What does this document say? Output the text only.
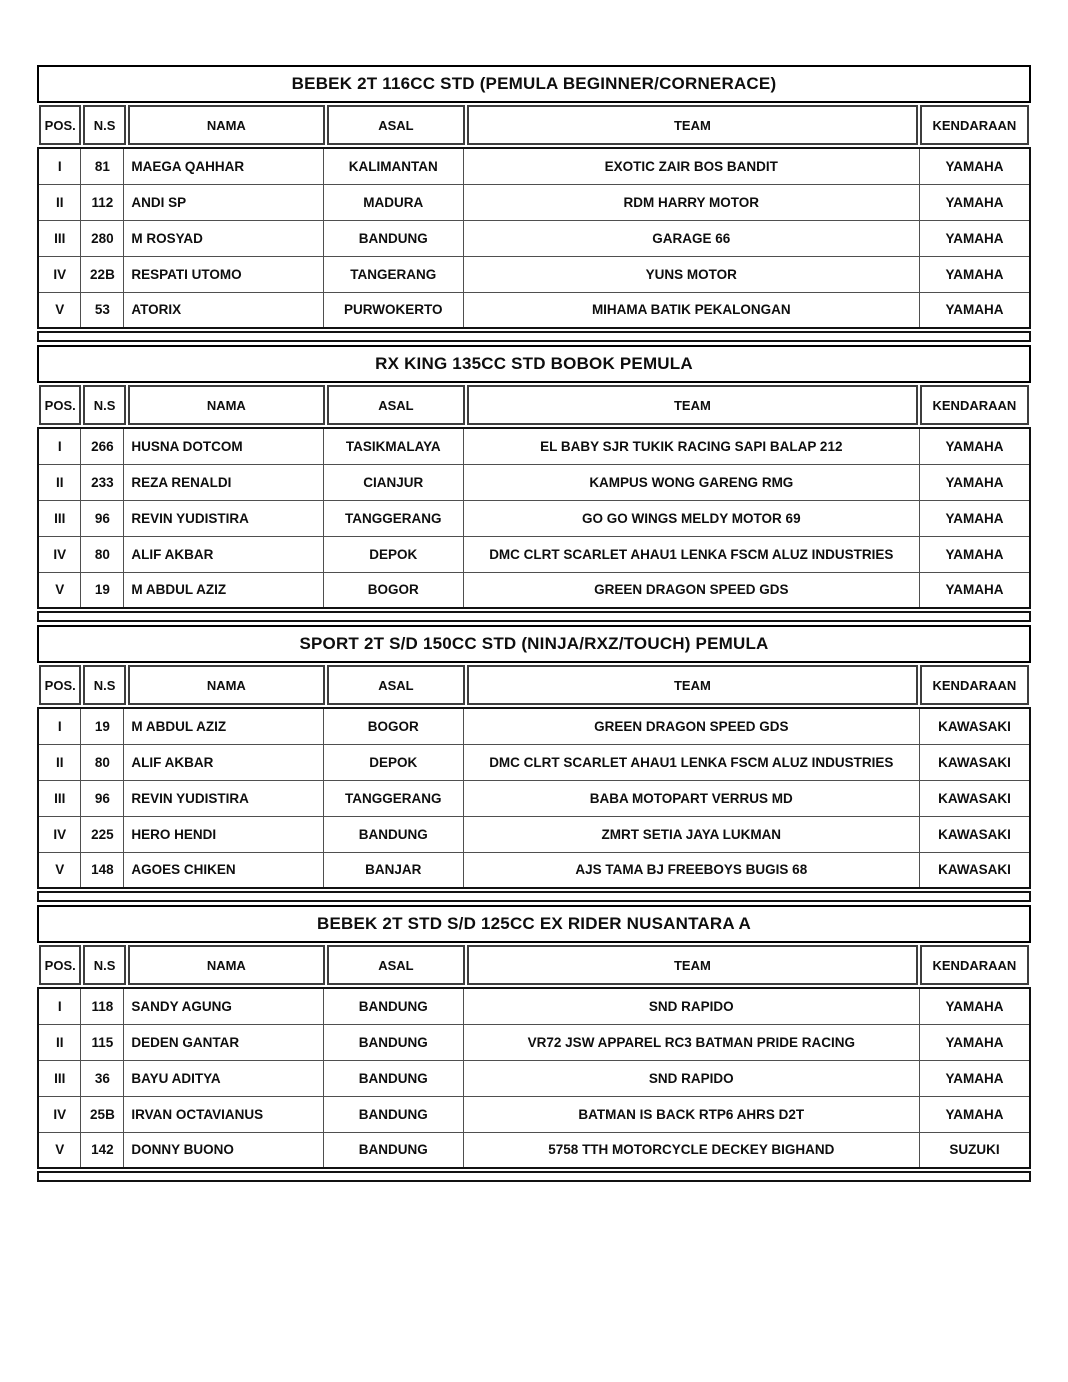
BEBEK 2T 116CC STD (PEMULA BEGINNER/CORNERACE)
POS.	N.S	NAMA	ASAL	TEAM	KENDARAAN
I	81	MAEGA QAHHAR	KALIMANTAN	EXOTIC ZAIR BOS BANDIT	YAMAHA
II	112	ANDI SP	MADURA	RDM HARRY MOTOR	YAMAHA
III	280	M ROSYAD	BANDUNG	GARAGE 66	YAMAHA
IV	22B	RESPATI UTOMO	TANGERANG	YUNS MOTOR	YAMAHA
V	53	ATORIX	PURWOKERTO	MIHAMA BATIK PEKALONGAN	YAMAHA
RX KING 135CC STD BOBOK PEMULA
POS.	N.S	NAMA	ASAL	TEAM	KENDARAAN
I	266	HUSNA DOTCOM	TASIKMALAYA	EL BABY SJR TUKIK RACING SAPI BALAP 212	YAMAHA
II	233	REZA RENALDI	CIANJUR	KAMPUS WONG GARENG RMG	YAMAHA
III	96	REVIN YUDISTIRA	TANGGERANG	GO GO WINGS MELDY MOTOR 69	YAMAHA
IV	80	ALIF AKBAR	DEPOK	DMC CLRT SCARLET AHAU1 LENKA FSCM ALUZ INDUSTRIES	YAMAHA
V	19	M ABDUL AZIZ	BOGOR	GREEN DRAGON SPEED GDS	YAMAHA
SPORT 2T S/D 150CC STD (NINJA/RXZ/TOUCH) PEMULA
POS.	N.S	NAMA	ASAL	TEAM	KENDARAAN
I	19	M ABDUL AZIZ	BOGOR	GREEN DRAGON SPEED GDS	KAWASAKI
II	80	ALIF AKBAR	DEPOK	DMC CLRT SCARLET AHAU1 LENKA FSCM ALUZ INDUSTRIES	KAWASAKI
III	96	REVIN YUDISTIRA	TANGGERANG	BABA MOTOPART VERRUS MD	KAWASAKI
IV	225	HERO HENDI	BANDUNG	ZMRT SETIA JAYA LUKMAN	KAWASAKI
V	148	AGOES CHIKEN	BANJAR	AJS TAMA BJ FREEBOYS BUGIS 68	KAWASAKI
BEBEK 2T STD S/D 125CC EX RIDER NUSANTARA A
POS.	N.S	NAMA	ASAL	TEAM	KENDARAAN
I	118	SANDY AGUNG	BANDUNG	SND RAPIDO	YAMAHA
II	115	DEDEN GANTAR	BANDUNG	VR72 JSW APPAREL RC3 BATMAN PRIDE RACING	YAMAHA
III	36	BAYU ADITYA	BANDUNG	SND RAPIDO	YAMAHA
IV	25B	IRVAN OCTAVIANUS	BANDUNG	BATMAN IS BACK RTP6 AHRS D2T	YAMAHA
V	142	DONNY BUONO	BANDUNG	5758 TTH MOTORCYCLE DECKEY BIGHAND	SUZUKI
